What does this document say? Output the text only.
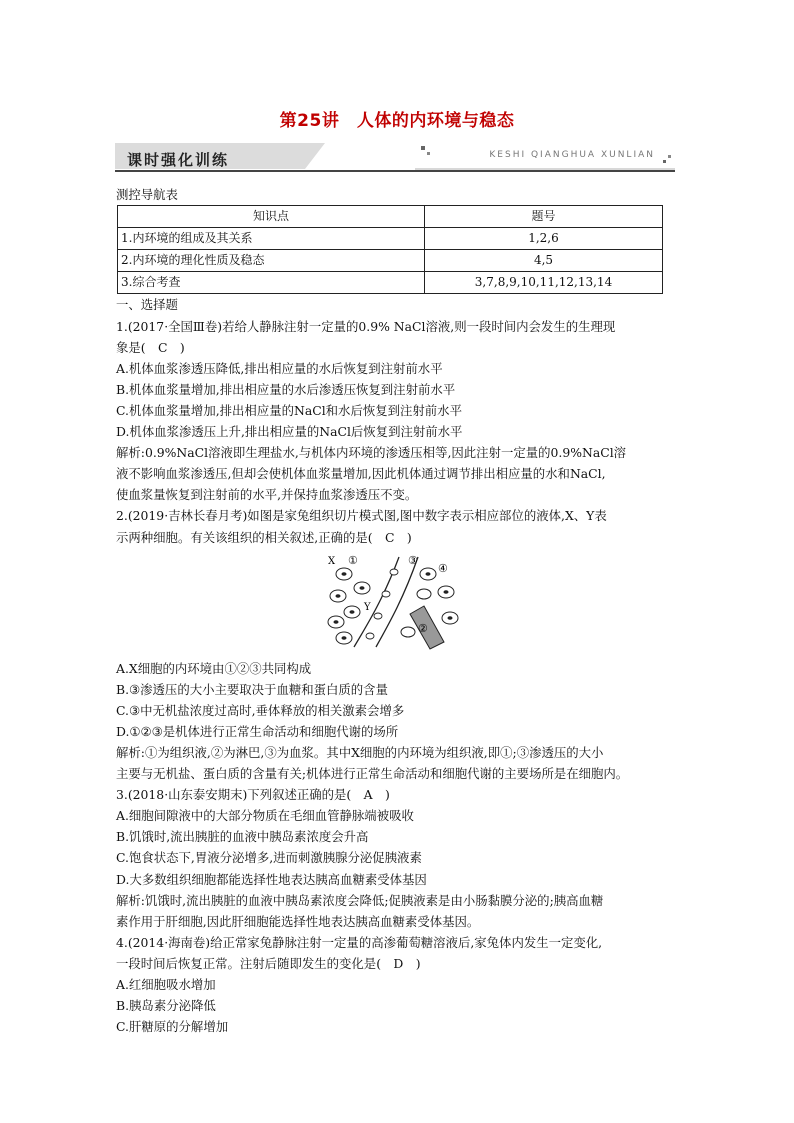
第25讲　人体的内环境与稳态
课时强化训练	KESHI QIANGHUA XUNLIAN

测控导航表

知识点	题号
1.内环境的组成及其关系	1,2,6
2.内环境的理化性质及稳态	4,5
3.综合考查	3,7,8,9,10,11,12,13,14

一、选择题

1.(2017·全国Ⅲ卷)若给人静脉注射一定量的0.9% NaCl溶液,则一段时间内会发生的生理现

象是(　C　)

A.机体血浆渗透压降低,排出相应量的水后恢复到注射前水平

B.机体血浆量增加,排出相应量的水后渗透压恢复到注射前水平

C.机体血浆量增加,排出相应量的NaCl和水后恢复到注射前水平

D.机体血浆渗透压上升,排出相应量的NaCl后恢复到注射前水平

解析:0.9%NaCl溶液即生理盐水,与机体内环境的渗透压相等,因此注射一定量的0.9%NaCl溶

液不影响血浆渗透压,但却会使机体血浆量增加,因此机体通过调节排出相应量的水和NaCl,

使血浆量恢复到注射前的水平,并保持血浆渗透压不变。

2.(2019·吉林长春月考)如图是家兔组织切片模式图,图中数字表示相应部位的液体,X、Y表

示两种细胞。有关该组织的相关叙述,正确的是(　C　)

X ①	③
④
Y
②

A.X细胞的内环境由①②③共同构成

B.③渗透压的大小主要取决于血糖和蛋白质的含量

C.③中无机盐浓度过高时,垂体释放的相关激素会增多

D.①②③是机体进行正常生命活动和细胞代谢的场所

解析:①为组织液,②为淋巴,③为血浆。其中X细胞的内环境为组织液,即①;③渗透压的大小

主要与无机盐、蛋白质的含量有关;机体进行正常生命活动和细胞代谢的主要场所是在细胞内。

3.(2018·山东泰安期末)下列叙述正确的是(　A　)

A.细胞间隙液中的大部分物质在毛细血管静脉端被吸收

B.饥饿时,流出胰脏的血液中胰岛素浓度会升高

C.饱食状态下,胃液分泌增多,进而刺激胰腺分泌促胰液素

D.大多数组织细胞都能选择性地表达胰高血糖素受体基因

解析:饥饿时,流出胰脏的血液中胰岛素浓度会降低;促胰液素是由小肠黏膜分泌的;胰高血糖

素作用于肝细胞,因此肝细胞能选择性地表达胰高血糖素受体基因。

4.(2014·海南卷)给正常家兔静脉注射一定量的高渗葡萄糖溶液后,家兔体内发生一定变化,

一段时间后恢复正常。注射后随即发生的变化是(　D　)

A.红细胞吸水增加

B.胰岛素分泌降低

C.肝糖原的分解增加
